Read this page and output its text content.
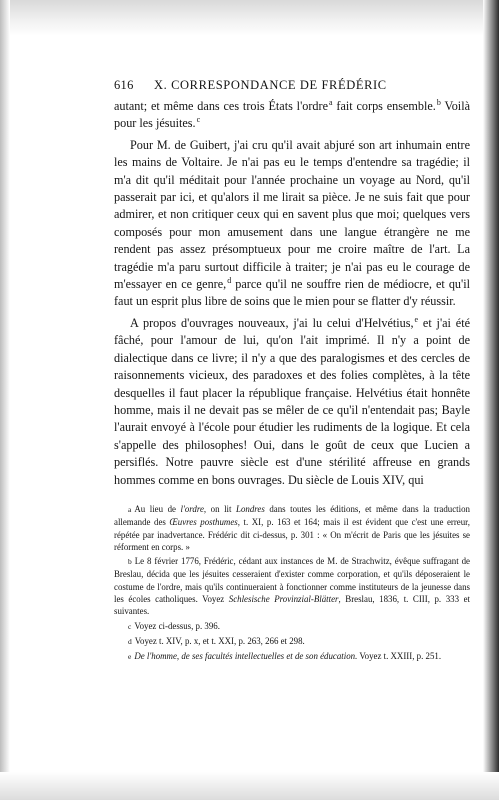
616	X. CORRESPONDANCE DE FRÉDÉRIC

autant; et même dans ces trois États l'ordre$^a$ fait corps ensemble.$^b$ Voilà pour les jésuites.$^c$

Pour M. de Guibert, j'ai cru qu'il avait abjuré son art inhumain entre les mains de Voltaire. Je n'ai pas eu le temps d'entendre sa tragédie; il m'a dit qu'il méditait pour l'année prochaine un voyage au Nord, qu'il passerait par ici, et qu'alors il me lirait sa pièce. Je ne suis fait que pour admirer, et non critiquer ceux qui en savent plus que moi; quelques vers composés pour mon amusement dans une langue étrangère ne me rendent pas assez présomptueux pour me croire maître de l'art. La tragédie m'a paru surtout difficile à traiter; je n'ai pas eu le courage de m'essayer en ce genre,$^d$ parce qu'il ne souffre rien de médiocre, et qu'il faut un esprit plus libre de soins que le mien pour se flatter d'y réussir.

A propos d'ouvrages nouveaux, j'ai lu celui d'Helvétius,$^e$ et j'ai été fâché, pour l'amour de lui, qu'on l'ait imprimé. Il n'y a point de dialectique dans ce livre; il n'y a que des paralogismes et des cercles de raisonnements vicieux, des paradoxes et des folies complètes, à la tête desquelles il faut placer la république française. Helvétius était honnête homme, mais il ne devait pas se mêler de ce qu'il n'entendait pas; Bayle l'aurait envoyé à l'école pour étudier les rudiments de la logique. Et cela s'appelle des philosophes! Oui, dans le goût de ceux que Lucien a persiflés. Notre pauvre siècle est d'une stérilité affreuse en grands hommes comme en bons ouvrages. Du siècle de Louis XIV, qui

a Au lieu de l'ordre, on lit Londres dans toutes les éditions, et même dans la traduction allemande des Œuvres posthumes, t. XI, p. 163 et 164; mais il est évident que c'est une erreur, répétée par inadvertance. Frédéric dit ci-dessus, p. 301 : « On m'écrit de Paris que les jésuites se réforment en corps. »

b Le 8 février 1776, Frédéric, cédant aux instances de M. de Strachwitz, évêque suffragant de Breslau, décida que les jésuites cesseraient d'exister comme corporation, et qu'ils déposeraient le costume de l'ordre, mais qu'ils continueraient à fonctionner comme instituteurs de la jeunesse dans les écoles catholiques. Voyez Schlesische Provinzial-Blätter, Breslau, 1836, t. CIII, p. 333 et suivantes.

c Voyez ci-dessus, p. 396.

d Voyez t. XIV, p. x, et t. XXI, p. 263, 266 et 298.

e De l'homme, de ses facultés intellectuelles et de son éducation. Voyez t. XXIII, p. 251.
